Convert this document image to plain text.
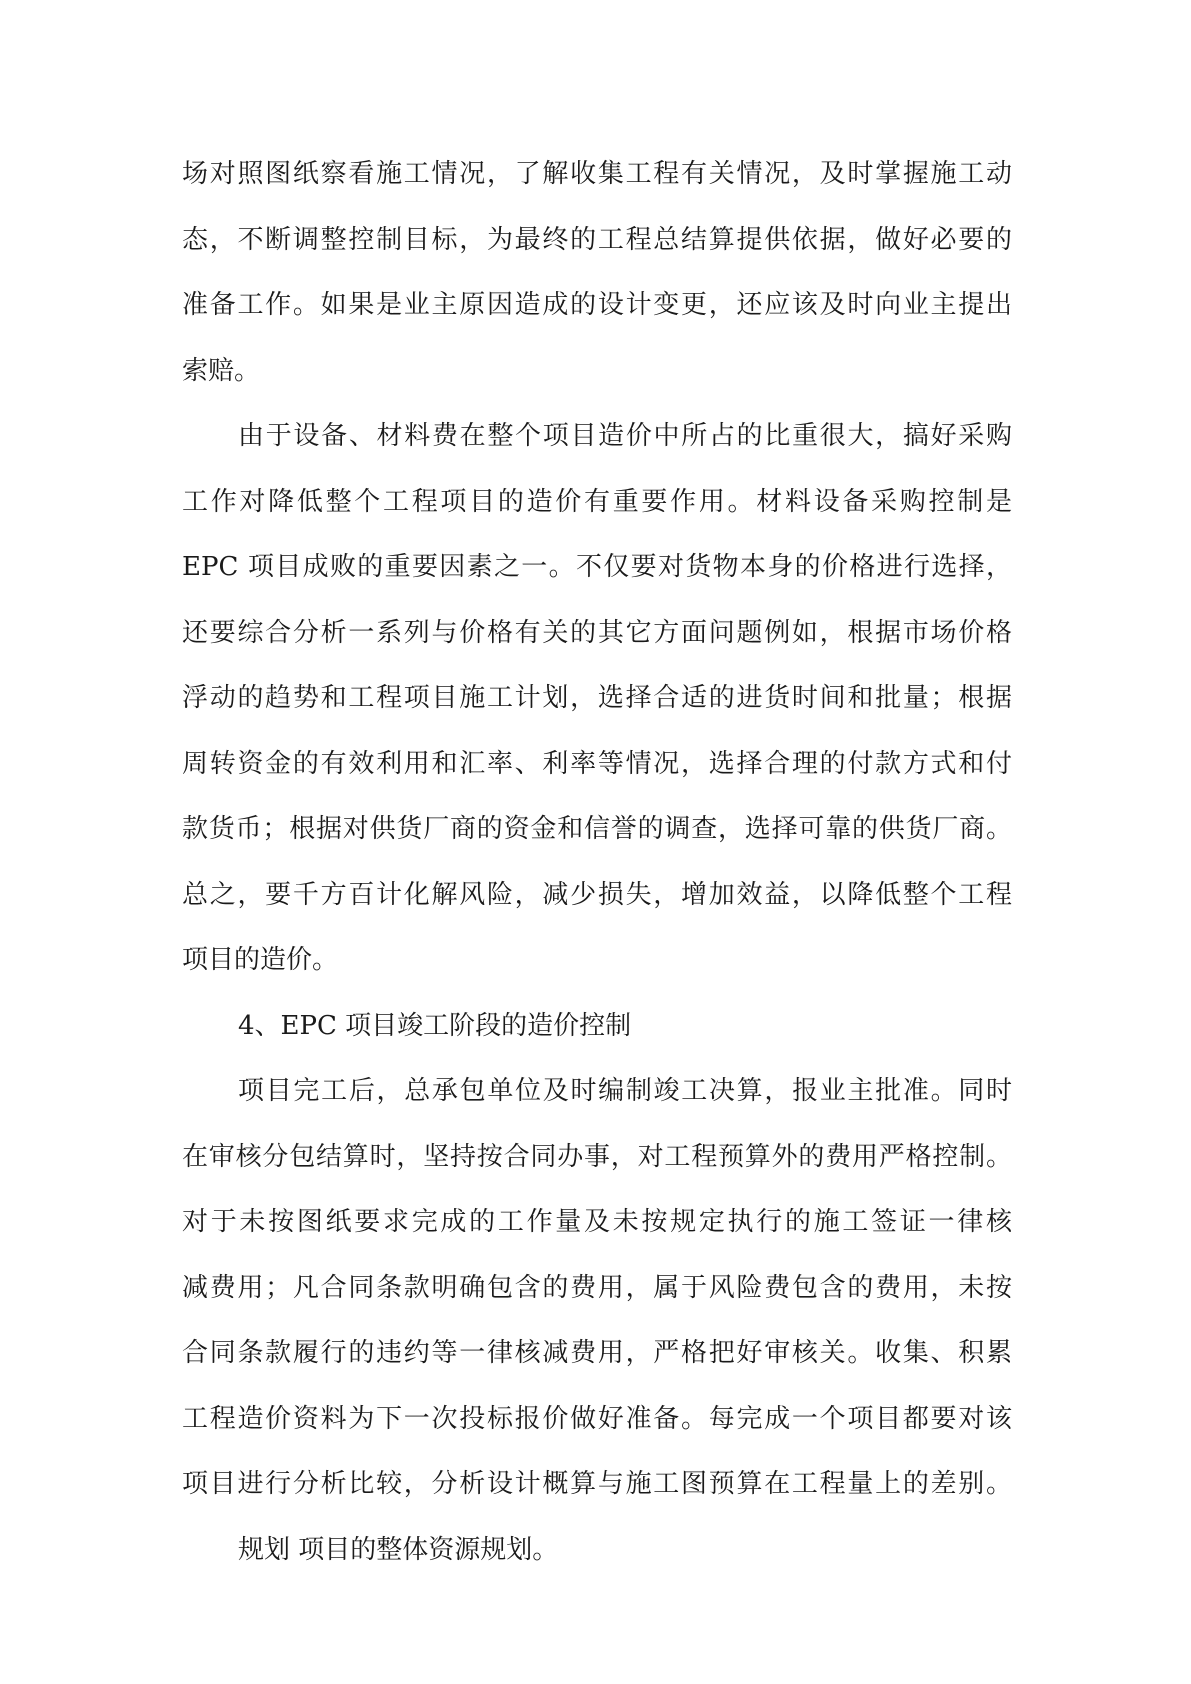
场对照图纸察看施工情况，了解收集工程有关情况，及时掌握施工动
态，不断调整控制目标，为最终的工程总结算提供依据，做好必要的
准备工作。如果是业主原因造成的设计变更，还应该及时向业主提出
索赔。
由于设备、材料费在整个项目造价中所占的比重很大，搞好采购
工作对降低整个工程项目的造价有重要作用。材料设备采购控制是
EPC 项目成败的重要因素之一。不仅要对货物本身的价格进行选择，
还要综合分析一系列与价格有关的其它方面问题例如，根据市场价格
浮动的趋势和工程项目施工计划，选择合适的进货时间和批量；根据
周转资金的有效利用和汇率、利率等情况，选择合理的付款方式和付
款货币；根据对供货厂商的资金和信誉的调查，选择可靠的供货厂商。
总之，要千方百计化解风险，减少损失，增加效益，以降低整个工程
项目的造价。
4、EPC 项目竣工阶段的造价控制
项目完工后，总承包单位及时编制竣工决算，报业主批准。同时
在审核分包结算时，坚持按合同办事，对工程预算外的费用严格控制。
对于未按图纸要求完成的工作量及未按规定执行的施工签证一律核
减费用；凡合同条款明确包含的费用，属于风险费包含的费用，未按
合同条款履行的违约等一律核减费用，严格把好审核关。收集、积累
工程造价资料为下一次投标报价做好准备。每完成一个项目都要对该
项目进行分析比较，分析设计概算与施工图预算在工程量上的差别。
规划 项目的整体资源规划。
